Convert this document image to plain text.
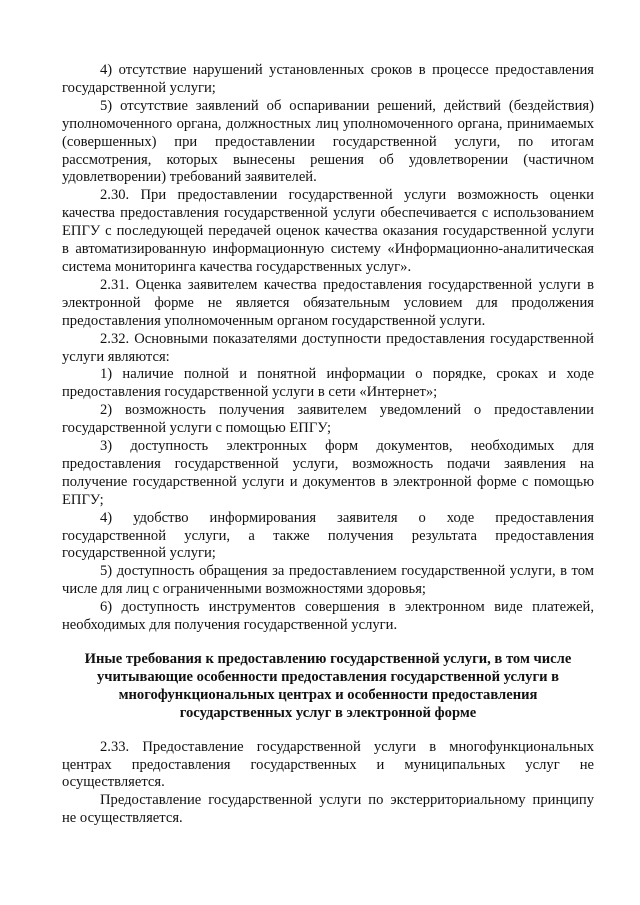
4) отсутствие нарушений установленных сроков в процессе предоставления государственной услуги;

5) отсутствие заявлений об оспаривании решений, действий (бездействия) уполномоченного органа, должностных лиц уполномоченного органа, принимаемых (совершенных) при предоставлении государственной услуги, по итогам рассмотрения, которых вынесены решения об удовлетворении (частичном удовлетворении) требований заявителей.

2.30. При предоставлении государственной услуги возможность оценки качества предоставления государственной услуги обеспечивается с использованием ЕПГУ с последующей передачей оценок качества оказания государственной услуги в автоматизированную информационную систему «Информационно-аналитическая система мониторинга качества государственных услуг».

2.31. Оценка заявителем качества предоставления государственной услуги в электронной форме не является обязательным условием для продолжения предоставления уполномоченным органом государственной услуги.

2.32. Основными показателями доступности предоставления государственной услуги являются:

1) наличие полной и понятной информации о порядке, сроках и ходе предоставления государственной услуги в сети «Интернет»;

2) возможность получения заявителем уведомлений о предоставлении государственной услуги с помощью ЕПГУ;

3) доступность электронных форм документов, необходимых для предоставления государственной услуги, возможность подачи заявления на получение государственной услуги и документов в электронной форме с помощью ЕПГУ;

4) удобство информирования заявителя о ходе предоставления государственной услуги, а также получения результата предоставления государственной услуги;

5) доступность обращения за предоставлением государственной услуги, в том числе для лиц с ограниченными возможностями здоровья;

6) доступность инструментов совершения в электронном виде платежей, необходимых для получения государственной услуги.

Иные требования к предоставлению государственной услуги, в том числе учитывающие особенности предоставления государственной услуги в многофункциональных центрах и особенности предоставления государственных услуг в электронной форме

2.33. Предоставление государственной услуги в многофункциональных центрах предоставления государственных и муниципальных услуг не осуществляется.

Предоставление государственной услуги по экстерриториальному принципу не осуществляется.
